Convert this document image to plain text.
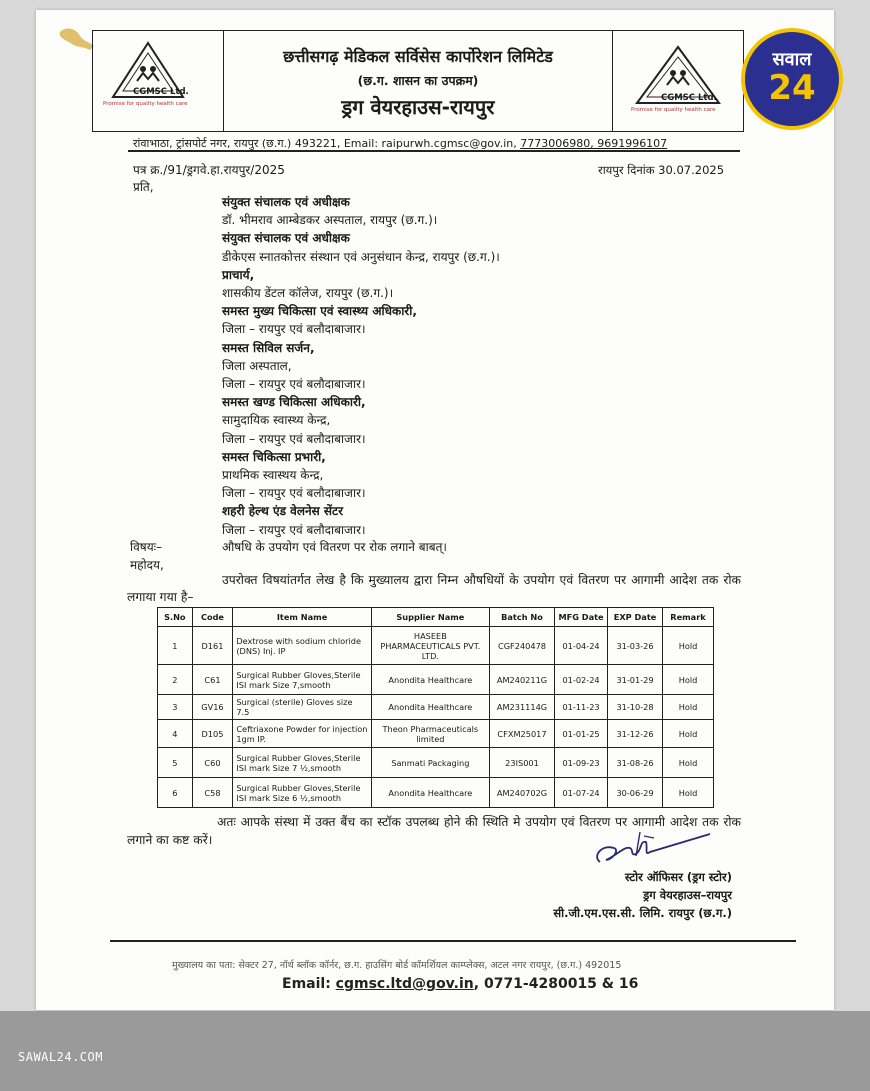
CGMSC Ltd.
Promise for quality health care
छत्तीसगढ़ मेडिकल सर्विसेस कार्पोरेशन लिमिटेड
(छ.ग. शासन का उपक्रम)
ड्रग वेयरहाउस-रायपुर	CGMSC Ltd.
Promise for quality health care
रांवाभाठा, ट्रांसपोर्ट नगर, रायपुर (छ.ग.) 493221, Email: raipurwh.cgmsc@gov.in, 7773006980, 9691996107
पत्र क्र./91/ड्रगवे.हा.रायपुर/2025	रायपुर दिनांक 30.07.2025
प्रति,
संयुक्त संचालक एवं अधीक्षक
डॉ. भीमराव आम्बेडकर अस्पताल, रायपुर (छ.ग.)।
संयुक्त संचालक एवं अधीक्षक
डीकेएस स्नातकोत्तर संस्थान एवं अनुसंधान केन्द्र, रायपुर (छ.ग.)।
प्राचार्य,
शासकीय डेंटल कॉलेज, रायपुर (छ.ग.)।
समस्त मुख्य चिकित्सा एवं स्वास्थ्य अधिकारी,
जिला – रायपुर एवं बलौदाबाजार।
समस्त सिविल सर्जन,
जिला अस्पताल,
जिला – रायपुर एवं बलौदाबाजार।
समस्त खण्ड चिकित्सा अधिकारी,
सामुदायिक स्वास्थ्य केन्द्र,
जिला – रायपुर एवं बलौदाबाजार।
समस्त चिकित्सा प्रभारी,
प्राथमिक स्वास्थय केन्द्र,
जिला – रायपुर एवं बलौदाबाजार।
शहरी हेल्थ एंड वेलनेस सेंटर
जिला – रायपुर एवं बलौदाबाजार।
विषयः–	औषधि के उपयोग एवं वितरण पर रोक लगाने बाबत्।
महोदय,
उपरोक्त विषयांतर्गत लेख है कि मुख्यालय द्वारा निम्न औषधियों के उपयोग एवं वितरण पर आगामी आदेश तक रोक लगाया गया है–
S.No	Code	Item Name	Supplier Name	Batch No	MFG Date	EXP Date	Remark
1	D161	Dextrose with sodium chloride (DNS) Inj. IP	HASEEB PHARMACEUTICALS PVT. LTD.	CGF240478	01-04-24	31-03-26	Hold
2	C61	Surgical Rubber Gloves,Sterile ISI mark Size 7,smooth	Anondita Healthcare	AM240211G	01-02-24	31-01-29	Hold
3	GV16	Surgical (sterile) Gloves size 7.5	Anondita Healthcare	AM231114G	01-11-23	31-10-28	Hold
4	D105	Ceftriaxone Powder for injection 1gm IP.	Theon Pharmaceuticals limited	CFXM25017	01-01-25	31-12-26	Hold
5	C60	Surgical Rubber Gloves,Sterile ISI mark Size 7 ½,smooth	Sanmati Packaging	23IS001	01-09-23	31-08-26	Hold
6	C58	Surgical Rubber Gloves,Sterile ISI mark Size 6 ½,smooth	Anondita Healthcare	AM240702G	01-07-24	30-06-29	Hold
अतः आपके संस्था में उक्त बैंच का स्टॉक उपलब्ध होने की स्थिति मे उपयोग एवं वितरण पर आगामी आदेश तक रोक लगाने का कष्ट करें।
स्टोर ऑफिसर (ड्रग स्टोर)
ड्रग वेयरहाउस–रायपुर
सी.जी.एम.एस.सी. लिमि. रायपुर (छ.ग.)
मुख्यालय का पता: सेक्टर 27, नॉर्थ ब्लॉक कॉर्नर, छ.ग. हाउसिंग बोर्ड कॉमर्शियल काम्प्लेक्स, अटल नगर रायपुर, (छ.ग.) 492015
Email: cgmsc.ltd@gov.in, 0771-4280015 & 16
सवाल
24
SAWAL24.COM
